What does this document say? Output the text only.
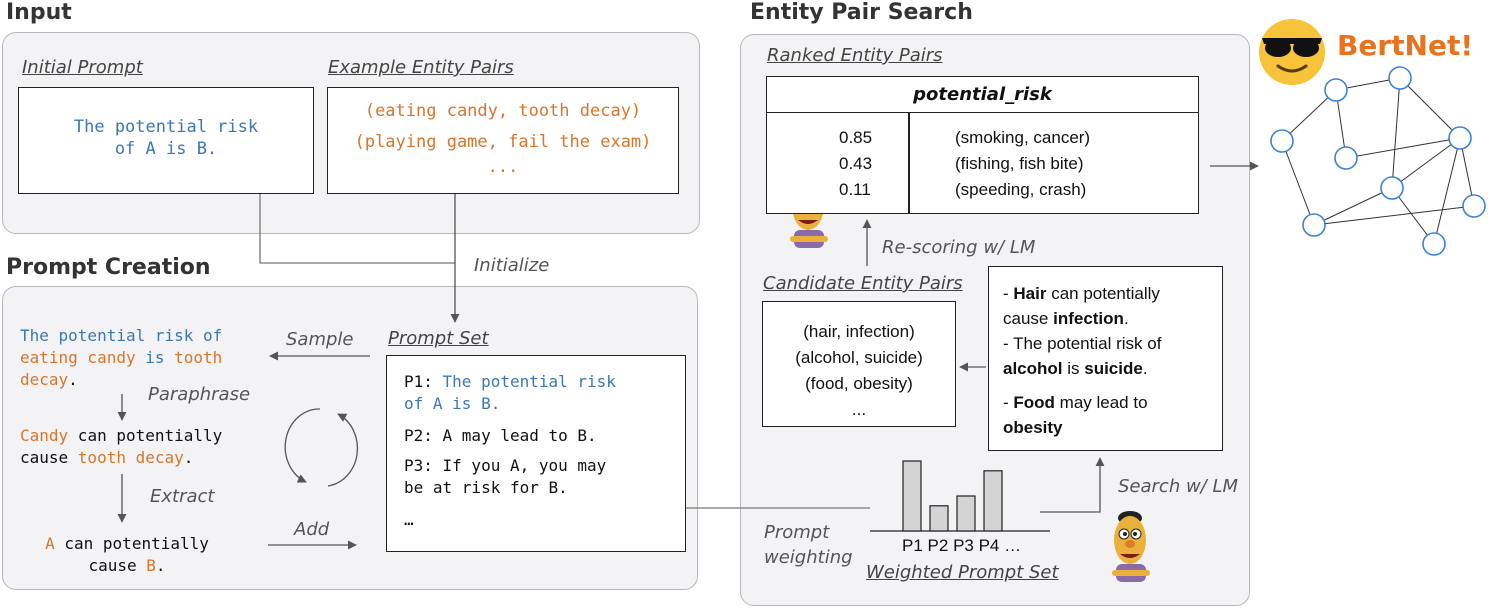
Input
Prompt Creation
Entity Pair Search
Initial Prompt
The potential risk
of A is B.
Example Entity Pairs
(eating candy, tooth decay)
(playing game, fail the exam)
...
Initialize
The potential risk of
eating candy is tooth
decay.
Sample
Paraphrase
Candy can potentially
cause tooth decay.
Extract
A can potentially
cause B.
Add
Prompt Set
P1: The potential risk
of A is B.
P2: A may lead to B.
P3: If you A, you may
be at risk for B.
…
Ranked Entity Pairs
potential_risk
0.85
0.43
0.11
(smoking, cancer)
(fishing, fish bite)
(speeding, crash)
Re-scoring w/ LM
Candidate Entity Pairs
(hair, infection)
(alcohol, suicide)
(food, obesity)
...
- Hair can potentially
cause infection.
- The potential risk of
alcohol is suicide.
- Food may lead to
obesity
Search w/ LM
Prompt
weighting
P1 P2 P3 P4 …
Weighted Prompt Set
BertNet!
